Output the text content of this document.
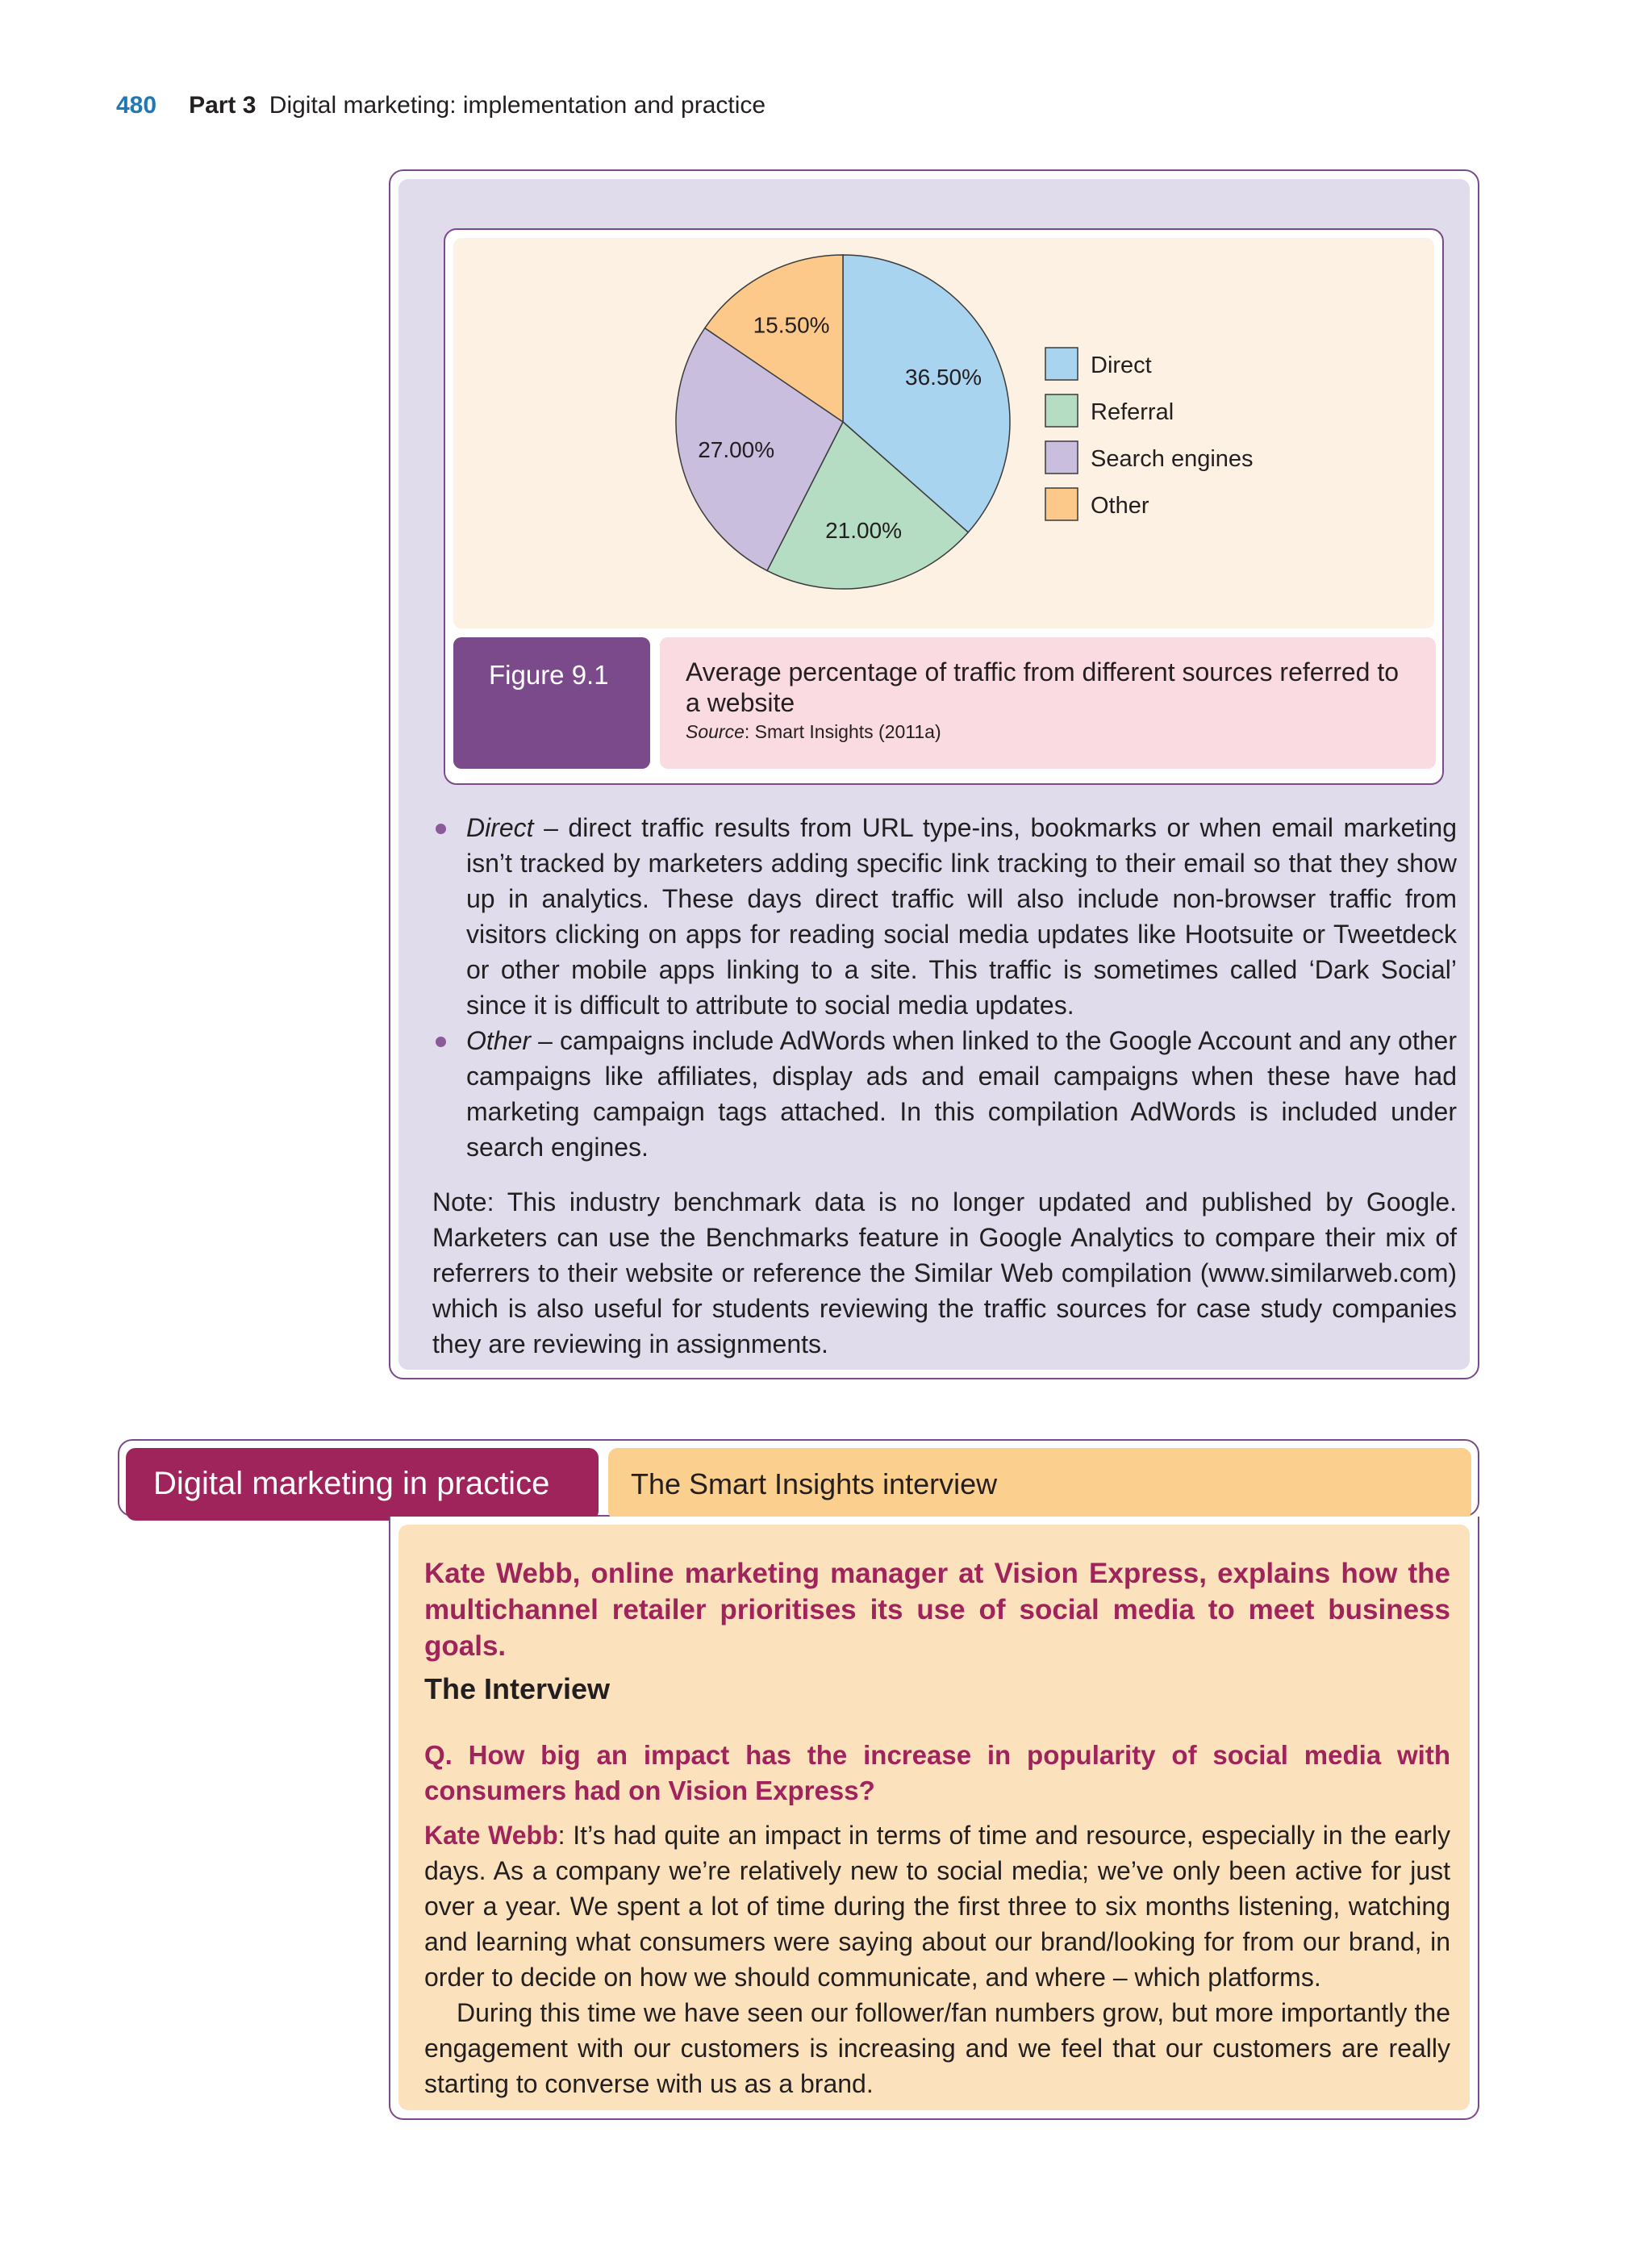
480 Part 3 Digital marketing: implementation and practice
36.50%
21.00%
27.00%
15.50%
Direct
Referral
Search engines
Other
Figure 9.1	Average percentage of traffic from different sources referred to a website
Source: Smart Insights (2011a)
Direct – direct traffic results from URL type-ins, bookmarks or when email marketing isn’t tracked by marketers adding specific link tracking to their email so that they show up in analytics. These days direct traffic will also include non-browser traffic from visitors clicking on apps for reading social media updates like Hootsuite or Tweetdeck or other mobile apps linking to a site. This traffic is sometimes called ‘Dark Social’ since it is difficult to attribute to social media updates.
Other – campaigns include AdWords when linked to the Google Account and any other campaigns like affiliates, display ads and email campaigns when these have had marketing campaign tags attached. In this compilation AdWords is included under search engines.
Note: This industry benchmark data is no longer updated and published by Google. Marketers can use the Benchmarks feature in Google Analytics to compare their mix of referrers to their website or reference the Similar Web compilation (www.similarweb.com) which is also useful for students reviewing the traffic sources for case study companies they are reviewing in assignments.
Digital marketing in practice	The Smart Insights interview
Kate Webb, online marketing manager at Vision Express, explains how the multichannel retailer prioritises its use of social media to meet business goals.
The Interview
Q. How big an impact has the increase in popularity of social media with consumers had on Vision Express?
Kate Webb: It’s had quite an impact in terms of time and resource, especially in the early days. As a company we’re relatively new to social media; we’ve only been active for just over a year. We spent a lot of time during the first three to six months listening, watching and learning what consumers were saying about our brand/looking for from our brand, in order to decide on how we should communicate, and where – which platforms.
During this time we have seen our follower/fan numbers grow, but more importantly the engagement with our customers is increasing and we feel that our customers are really starting to converse with us as a brand.
